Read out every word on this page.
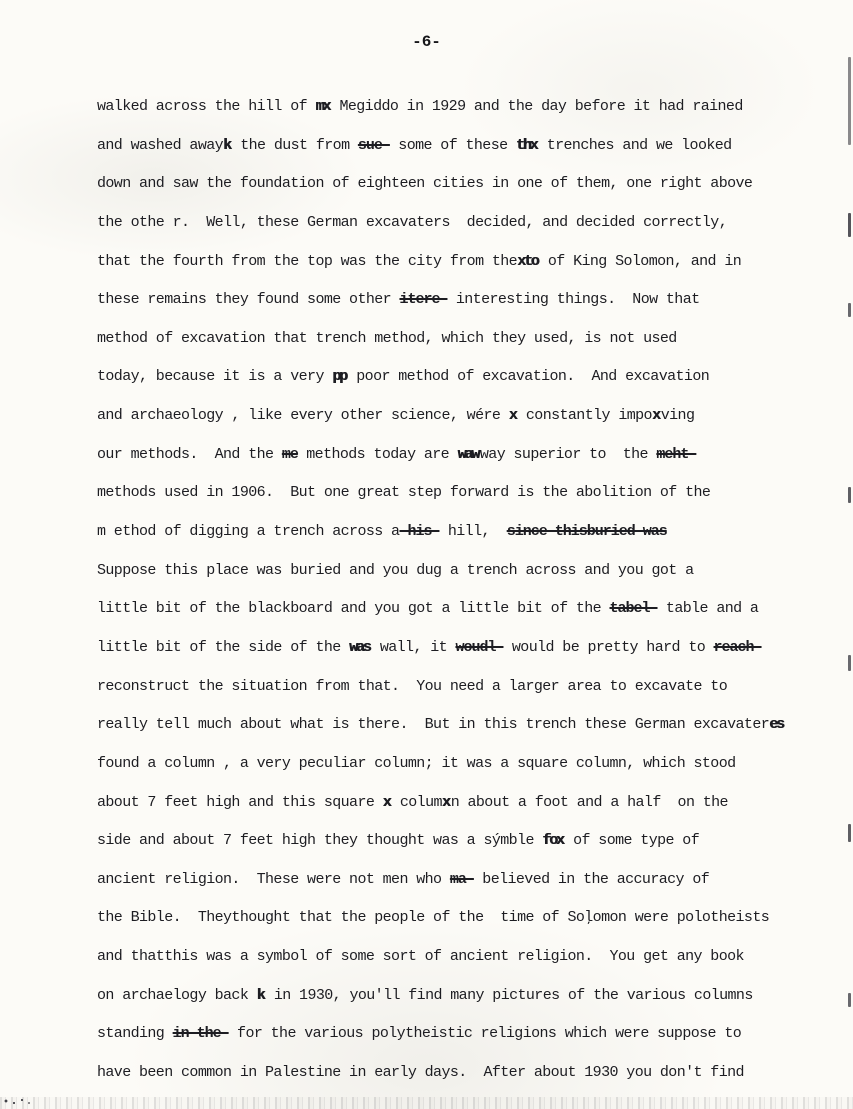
-6-
walked across the hill of mx Megiddo in 1929 and the day before it had rained
and washed awayk the dust from sue- some of these thx trenches and we looked
down and saw the foundation of eighteen cities in one of them, one right above
the othe r.  Well, these German excavaters  decided, and decided correctly,
that the fourth from the top was the city from thexto of King Solomon, and in
these remains they found some other itere- interesting things.  Now that
method of excavation that trench method, which they used, is not used
today, because it is a very pp poor method of excavation.  And excavation
and archaeology , like every other science, wére x constantly impox ving
our methods.  And the me methods today are waw way superior to  the meht-
methods used in 1906.  But one great step forward is the abolition of the
m ethod of digging a trench across a-his- hill,  since-thisburied-was
Suppose this place was buried and you dug a trench across and you got a
little bit of the blackboard and you got a little bit of the tabel- table and a
little bit of the side of the was wall, it woudl- would be pretty hard to reach-
reconstruct the situation from that.  You need a larger area to excavate to
really tell much about what is there.  But in this trench these German excavateres
found a column , a very peculiar column; it was a square column, which stood
about 7 feet high and this square x columx n about a foot and a half  on the
side and about 7 feet high they thought was a sýmble fox of some type of
ancient religion.  These were not men who ma- believed in the accuracy of
the Bible.  Theythought that the people of the  time of Soļomon were polotheists
and thatthis was a symbol of some sort of ancient religion.  You get any book
on archaelogy back k in 1930, you'll find many pictures of the various columns
standing in-the- for the various polytheistic religions which were suppose to
have been common in Palestine in early days.  After about 1930 you don't find
